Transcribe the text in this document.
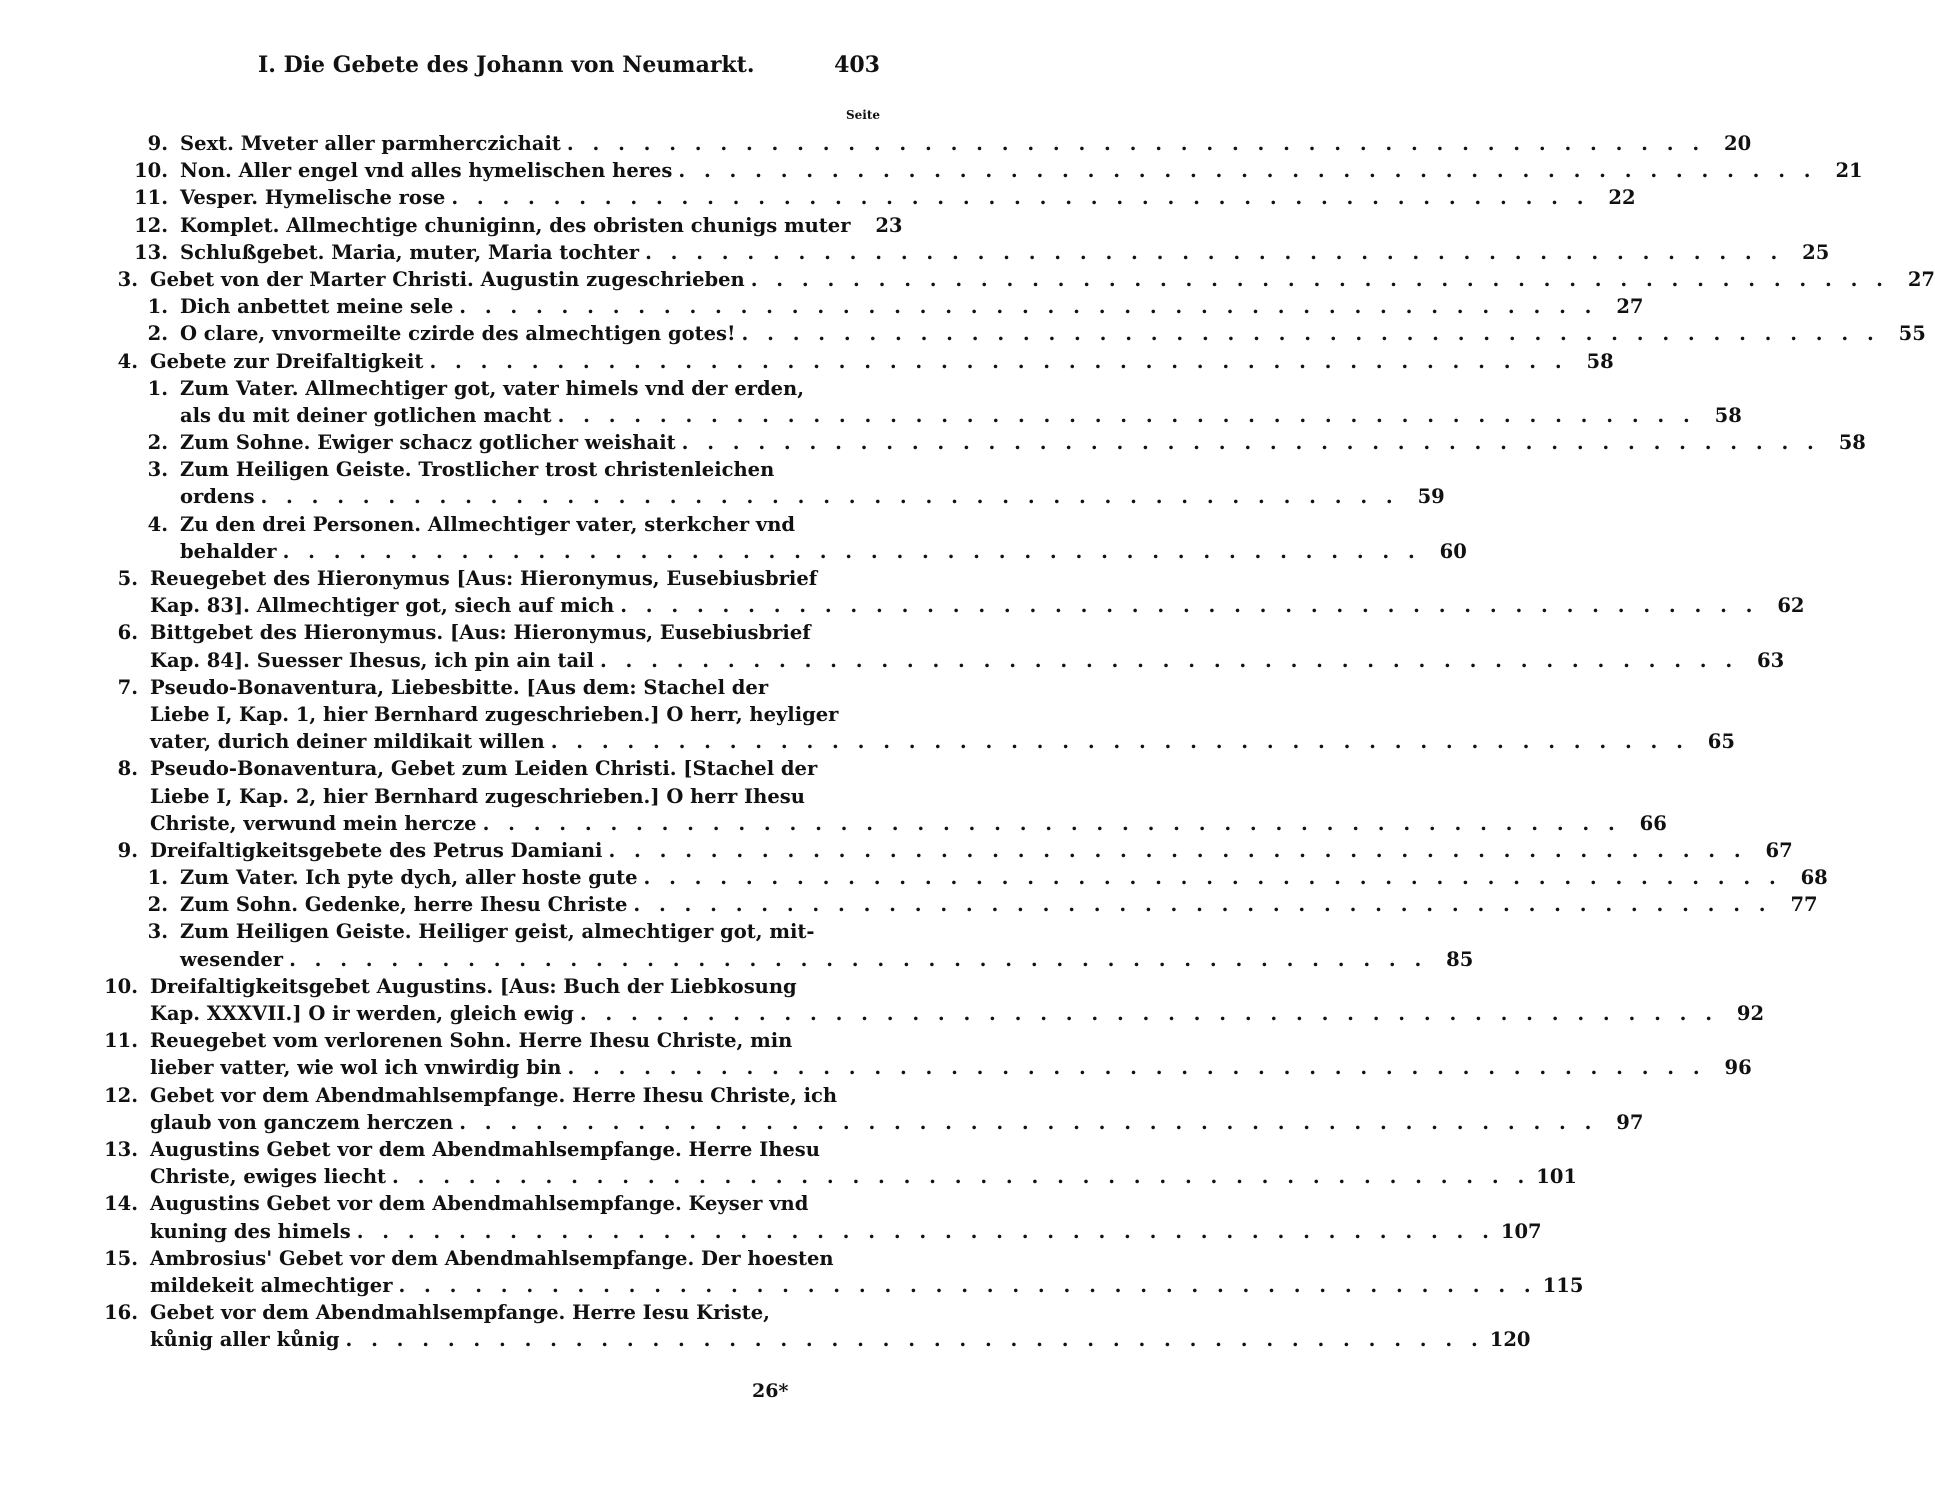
I. Die Gebete des Johann von Neumarkt.	403
Seite
9. Sext. Mveter aller parmherczichait . . . . . . . . . . . . . . . . . . . . . . . . . . . . . . . . . . . . . . . . . . . . . 20
10. Non. Aller engel vnd alles hymelischen heres . . . . . . . . . . . . . . . . . . . . . . . . . . . . . . . . . . . . . . . . . . . . . 21
11. Vesper. Hymelische rose . . . . . . . . . . . . . . . . . . . . . . . . . . . . . . . . . . . . . . . . . . . . . 22
12. Komplet. Allmechtige chuniginn, des obristen chunigs muter	23
13. Schlußgebet. Maria, muter, Maria tochter . . . . . . . . . . . . . . . . . . . . . . . . . . . . . . . . . . . . . . . . . . . . . 25
3. Gebet von der Marter Christi. Augustin zugeschrieben . . . . . . . . . . . . . . . . . . . . . . . . . . . . . . . . . . . . . . . . . . . . . 27
1. Dich anbettet meine sele . . . . . . . . . . . . . . . . . . . . . . . . . . . . . . . . . . . . . . . . . . . . . 27
2. O clare, vnvormeilte czirde des almechtigen gotes! . . . . . . . . . . . . . . . . . . . . . . . . . . . . . . . . . . . . . . . . . . . . . 55
4. Gebete zur Dreifaltigkeit . . . . . . . . . . . . . . . . . . . . . . . . . . . . . . . . . . . . . . . . . . . . . 58
1. Zum Vater. Allmechtiger got, vater himels vnd der erden,
als du mit deiner gotlichen macht . . . . . . . . . . . . . . . . . . . . . . . . . . . . . . . . . . . . . . . . . . . . . 58
2. Zum Sohne. Ewiger schacz gotlicher weishait . . . . . . . . . . . . . . . . . . . . . . . . . . . . . . . . . . . . . . . . . . . . . 58
3. Zum Heiligen Geiste. Trostlicher trost christenleichen
ordens . . . . . . . . . . . . . . . . . . . . . . . . . . . . . . . . . . . . . . . . . . . . . 59
4. Zu den drei Personen. Allmechtiger vater, sterkcher vnd
behalder . . . . . . . . . . . . . . . . . . . . . . . . . . . . . . . . . . . . . . . . . . . . . 60
5. Reuegebet des Hieronymus [Aus: Hieronymus, Eusebiusbrief
Kap. 83]. Allmechtiger got, siech auf mich . . . . . . . . . . . . . . . . . . . . . . . . . . . . . . . . . . . . . . . . . . . . . 62
6. Bittgebet des Hieronymus. [Aus: Hieronymus, Eusebiusbrief
Kap. 84]. Suesser Ihesus, ich pin ain tail . . . . . . . . . . . . . . . . . . . . . . . . . . . . . . . . . . . . . . . . . . . . . 63
7. Pseudo-Bonaventura, Liebesbitte. [Aus dem: Stachel der
Liebe I, Kap. 1, hier Bernhard zugeschrieben.] O herr, heyliger
vater, durich deiner mildikait willen . . . . . . . . . . . . . . . . . . . . . . . . . . . . . . . . . . . . . . . . . . . . . 65
8. Pseudo-Bonaventura, Gebet zum Leiden Christi. [Stachel der
Liebe I, Kap. 2, hier Bernhard zugeschrieben.] O herr Ihesu
Christe, verwund mein hercze . . . . . . . . . . . . . . . . . . . . . . . . . . . . . . . . . . . . . . . . . . . . . 66
9. Dreifaltigkeitsgebete des Petrus Damiani . . . . . . . . . . . . . . . . . . . . . . . . . . . . . . . . . . . . . . . . . . . . . 67
1. Zum Vater. Ich pyte dych, aller hoste gute . . . . . . . . . . . . . . . . . . . . . . . . . . . . . . . . . . . . . . . . . . . . . 68
2. Zum Sohn. Gedenke, herre Ihesu Christe . . . . . . . . . . . . . . . . . . . . . . . . . . . . . . . . . . . . . . . . . . . . . 77
3. Zum Heiligen Geiste. Heiliger geist, almechtiger got, mit-
wesender . . . . . . . . . . . . . . . . . . . . . . . . . . . . . . . . . . . . . . . . . . . . . 85
10. Dreifaltigkeitsgebet Augustins. [Aus: Buch der Liebkosung
Kap. XXXVII.] O ir werden, gleich ewig . . . . . . . . . . . . . . . . . . . . . . . . . . . . . . . . . . . . . . . . . . . . . 92
11. Reuegebet vom verlorenen Sohn. Herre Ihesu Christe, min
lieber vatter, wie wol ich vnwirdig bin . . . . . . . . . . . . . . . . . . . . . . . . . . . . . . . . . . . . . . . . . . . . . 96
12. Gebet vor dem Abendmahlsempfange. Herre Ihesu Christe, ich
glaub von ganczem herczen . . . . . . . . . . . . . . . . . . . . . . . . . . . . . . . . . . . . . . . . . . . . . 97
13. Augustins Gebet vor dem Abendmahlsempfange. Herre Ihesu
Christe, ewiges liecht . . . . . . . . . . . . . . . . . . . . . . . . . . . . . . . . . . . . . . . . . . . . . 101
14. Augustins Gebet vor dem Abendmahlsempfange. Keyser vnd
kuning des himels . . . . . . . . . . . . . . . . . . . . . . . . . . . . . . . . . . . . . . . . . . . . . 107
15. Ambrosius' Gebet vor dem Abendmahlsempfange. Der hoesten
mildekeit almechtiger . . . . . . . . . . . . . . . . . . . . . . . . . . . . . . . . . . . . . . . . . . . . . 115
16. Gebet vor dem Abendmahlsempfange. Herre Iesu Kriste,
kůnig aller kůnig . . . . . . . . . . . . . . . . . . . . . . . . . . . . . . . . . . . . . . . . . . . . . 120
26*
